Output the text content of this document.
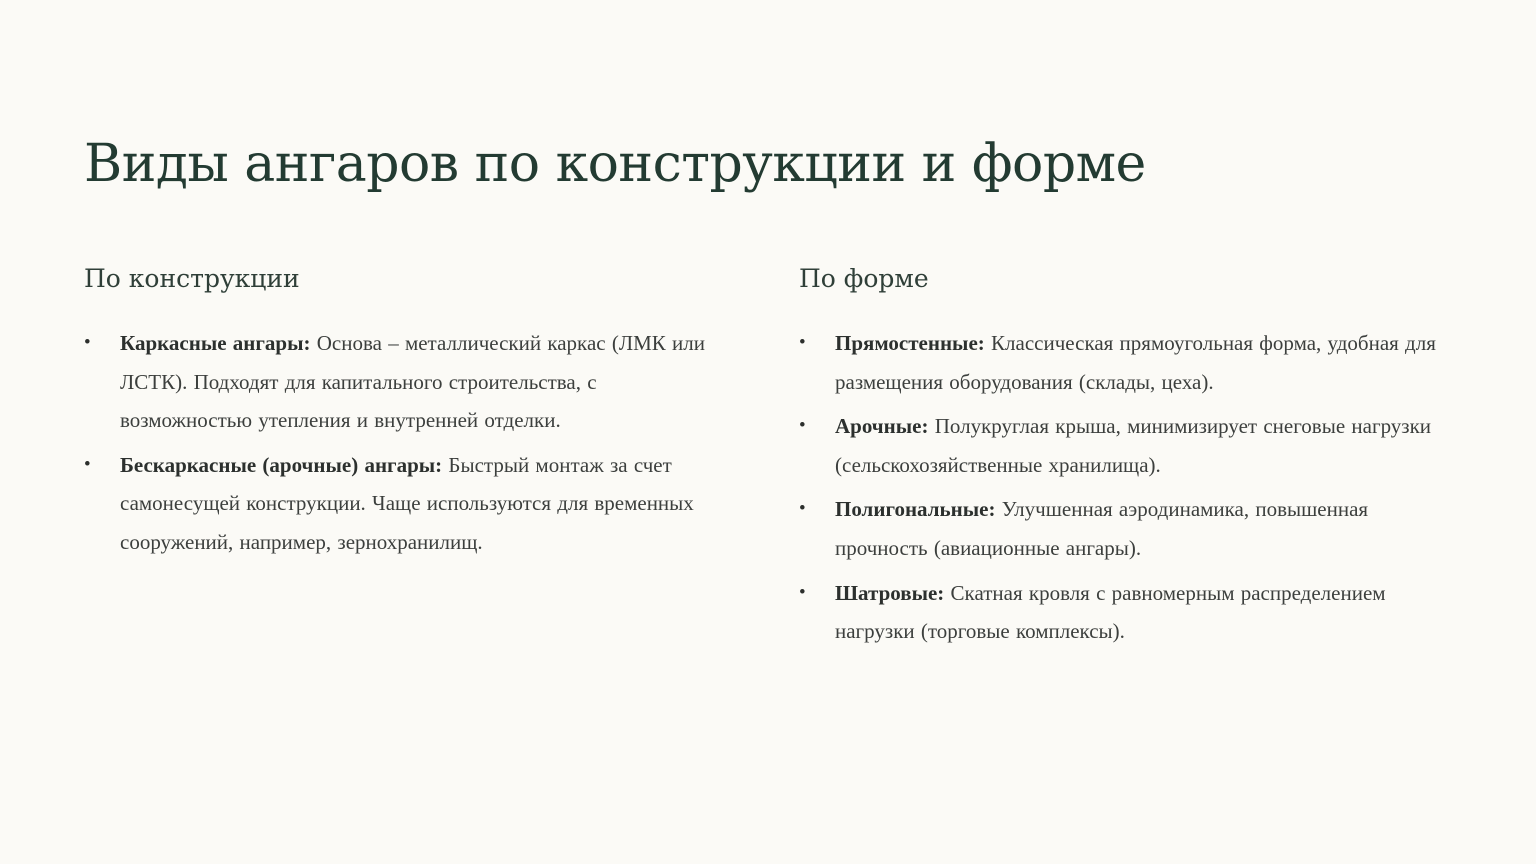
Виды ангаров по конструкции и форме
По конструкции
• Каркасные ангары: Основа – металлический каркас (ЛМК или ЛСТК). Подходят для капитального строительства, с возможностью утепления и внутренней отделки.
• Бескаркасные (арочные) ангары: Быстрый монтаж за счет самонесущей конструкции. Чаще используются для временных сооружений, например, зернохранилищ.
По форме
• Прямостенные: Классическая прямоугольная форма, удобная для размещения оборудования (склады, цеха).
• Арочные: Полукруглая крыша, минимизирует снеговые нагрузки (сельскохозяйственные хранилища).
• Полигональные: Улучшенная аэродинамика, повышенная прочность (авиационные ангары).
• Шатровые: Скатная кровля с равномерным распределением нагрузки (торговые комплексы).
